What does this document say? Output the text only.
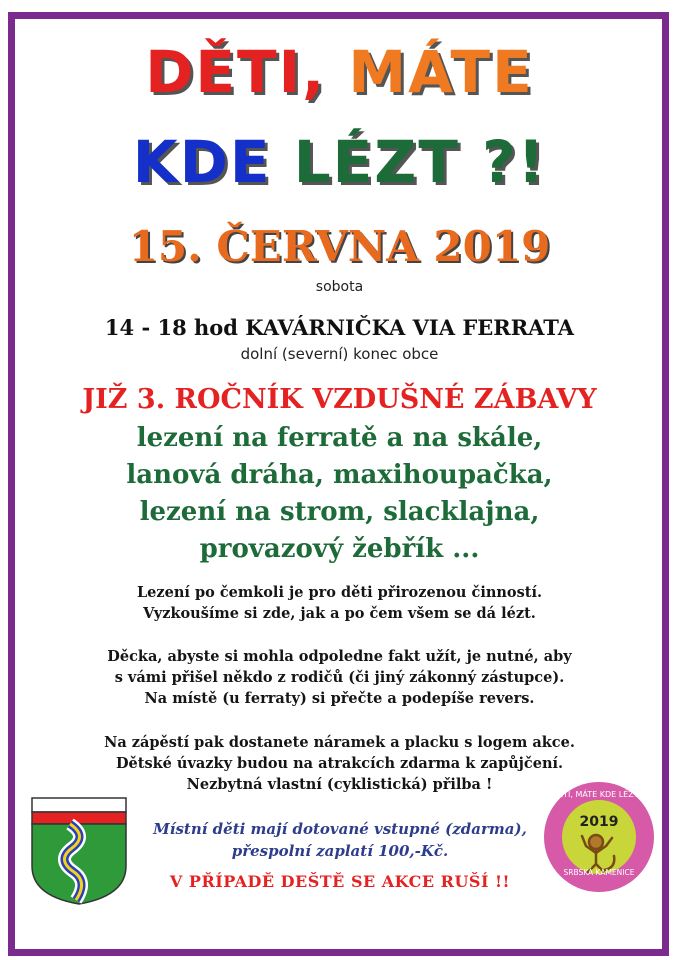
DĚTI, MÁTE
KDE LÉZT ?!
15. ČERVNA 2019
sobota
14 - 18 hod KAVÁRNIČKA VIA FERRATA
dolní (severní) konec obce
JIŽ 3. ROČNÍK VZDUŠNÉ ZÁBAVY
lezení na ferratě a na skále,
lanová dráha, maxihoupačka,
lezení na strom, slacklajna,
provazový žebřík ...
Lezení po čemkoli je pro děti přirozenou činností.
Vyzkoušíme si zde, jak a po čem všem se dá lézt.
Děcka, abyste si mohla odpoledne fakt užít, je nutné, aby
s vámi přišel někdo z rodičů (či jiný zákonný zástupce).
Na místě (u ferraty) si přečte a podepíše revers.
Na zápěstí pak dostanete náramek a placku s logem akce.
Dětské úvazky budou na atrakcích zdarma k zapůjčení.
Nezbytná vlastní (cyklistická) přilba !
Místní děti mají dotované vstupné (zdarma),
přespolní zaplatí 100,-Kč.
V PŘÍPADĚ DEŠTĚ SE AKCE RUŠÍ !!
DĚTI, MÁTE KDE LÉZT?!
2019
SRBSKÁ KAMENICE
